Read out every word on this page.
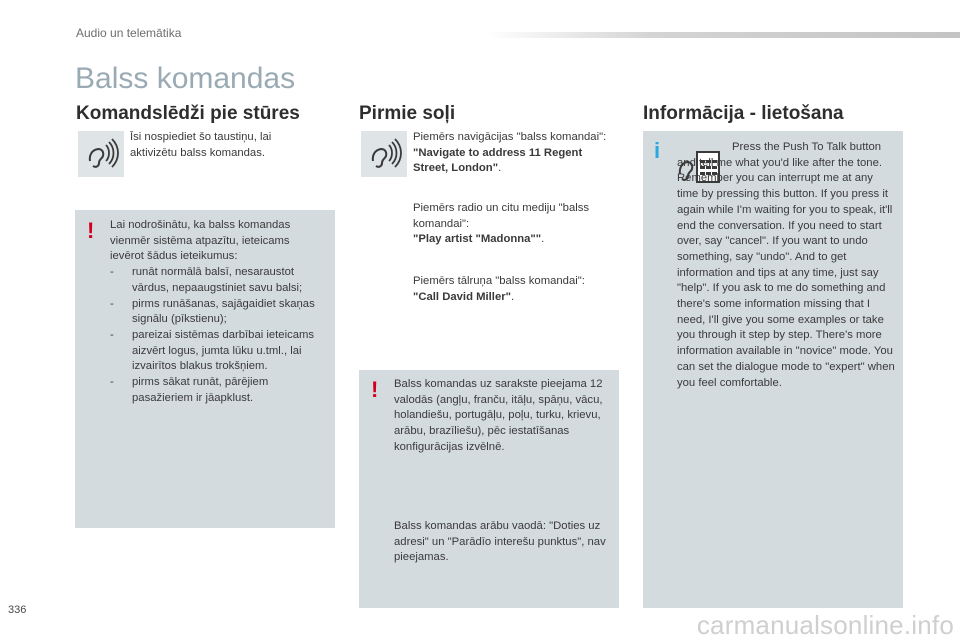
Audio un telemātika
Balss komandas
Komandslēdži pie stūres
Īsi nospiediet šo taustiņu, lai aktivizētu balss komandas.
! Lai nodrošinātu, ka balss komandas vienmēr sistēma atpazītu, ieteicams ievērot šādus ieteikumus:
- runāt normālā balsī, nesaraustot vārdus, nepaaugstiniet savu balsi;
- pirms runāšanas, sajāgaidiet skaņas signālu (pīkstienu);
- pareizai sistēmas darbībai ieteicams aizvērt logus, jumta lūku u.tml., lai izvairītos blakus trokšņiem.
- pirms sākat runāt, pārējiem pasažieriem ir jāapklust.
Pirmie soļi
Piemērs navigācijas "balss komandai":
"Navigate to address 11 Regent Street, London".
Piemērs radio un citu mediju "balss komandai":
"Play artist "Madonna"".
Piemērs tālruņa "balss komandai":
"Call David Miller".
! Balss komandas uz sarakste pieejama 12 valodās (angļu, franču, itāļu, spāņu, vācu, holandiešu, portugāļu, poļu, turku, krievu, arābu, brazīliešu), pēc iestatīšanas konfigurācijas izvēlnē.
Balss komandas arābu vaodā: "Doties uz adresi" un "Parādīo interešu punktus", nav pieejamas.
Informācija - lietošana
i	Press the Push To Talk button and tell me what you'd like after the tone. Remember you can interrupt me at any time by pressing this button. If you press it again while I'm waiting for you to speak, it'll end the conversation. If you need to start over, say "cancel". If you want to undo something, say "undo". And to get information and tips at any time, just say "help". If you ask to me do something and there's some information missing that I need, I'll give you some examples or take you through it step by step. There's more information available in "novice" mode. You can set the dialogue mode to "expert" when you feel comfortable.
336	carmanualsonline.info
